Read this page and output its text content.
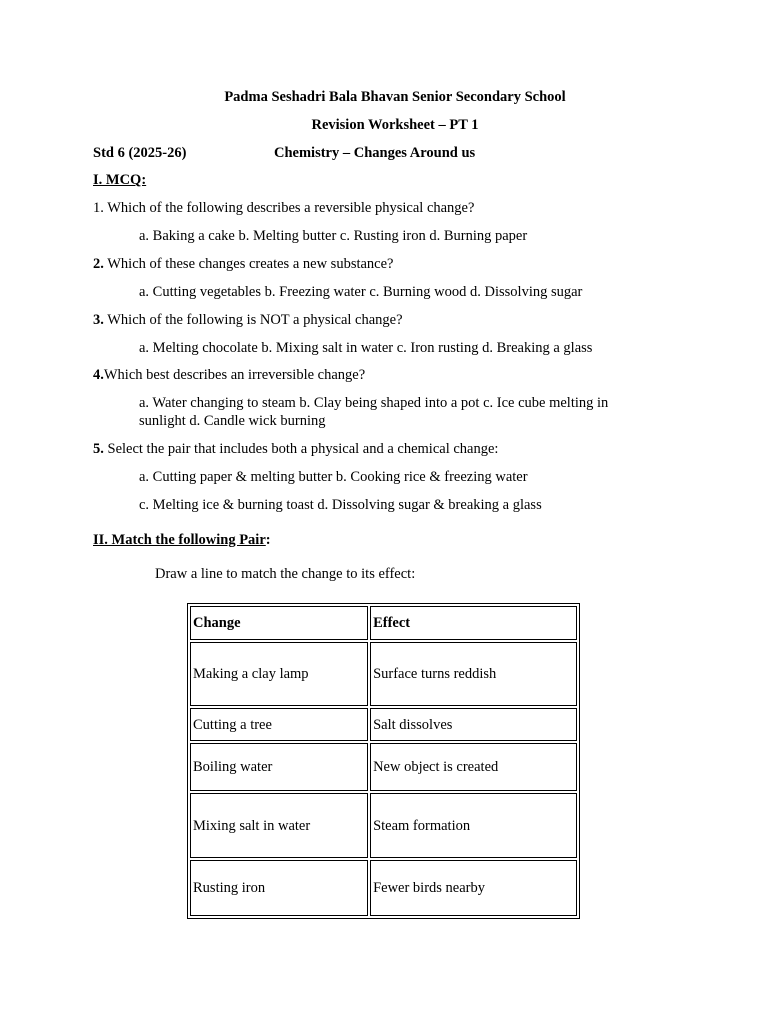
Padma Seshadri Bala Bhavan Senior Secondary School
Revision Worksheet – PT 1
Std 6 (2025-26)	Chemistry – Changes Around us
I. MCQ:
1. Which of the following describes a reversible physical change?
a. Baking a cake b. Melting butter c. Rusting iron d. Burning paper
2. Which of these changes creates a new substance?
a. Cutting vegetables b. Freezing water c. Burning wood d. Dissolving sugar
3. Which of the following is NOT a physical change?
a. Melting chocolate b. Mixing salt in water c. Iron rusting d. Breaking a glass
4.Which best describes an irreversible change?
a. Water changing to steam b. Clay being shaped into a pot c. Ice cube melting in
sunlight d. Candle wick burning
5. Select the pair that includes both a physical and a chemical change:
a. Cutting paper & melting butter b. Cooking rice & freezing water
c. Melting ice & burning toast d. Dissolving sugar & breaking a glass
II. Match the following Pair:
Draw a line to match the change to its effect:
Change	Effect
Making a clay lamp	Surface turns reddish
Cutting a tree	Salt dissolves
Boiling water	New object is created
Mixing salt in water	Steam formation
Rusting iron	Fewer birds nearby
